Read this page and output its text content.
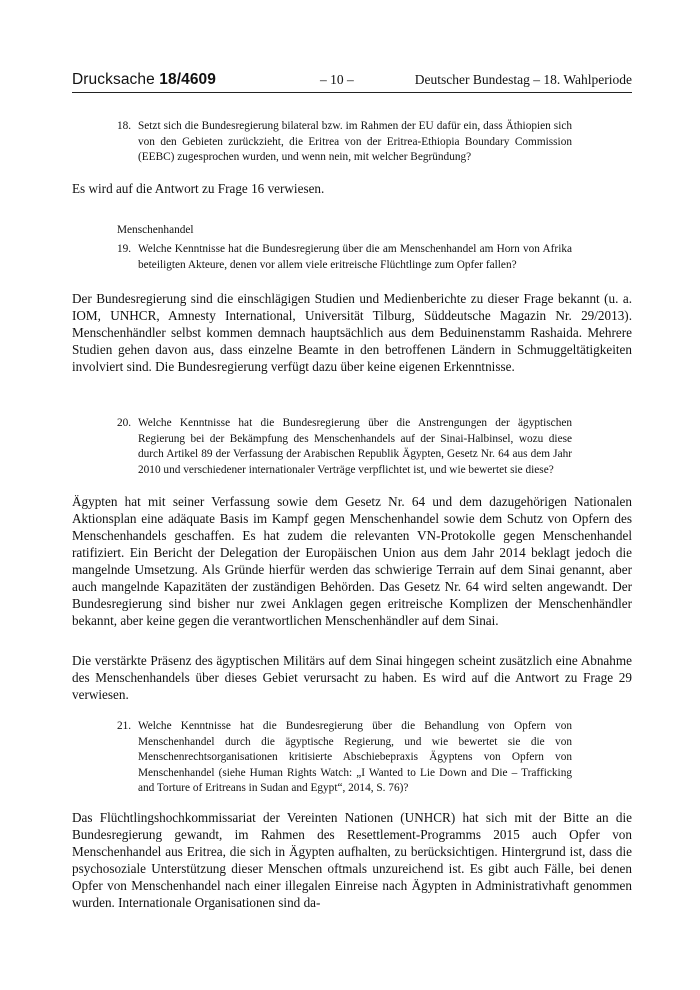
Drucksache 18/4609	– 10 –	Deutscher Bundestag – 18. Wahlperiode
18. Setzt sich die Bundesregierung bilateral bzw. im Rahmen der EU dafür ein, dass Äthiopien sich von den Gebieten zurückzieht, die Eritrea von der Eritrea-Ethiopia Boundary Commission (EEBC) zugesprochen wurden, und wenn nein, mit welcher Begründung?

Es wird auf die Antwort zu Frage 16 verwiesen.

Menschenhandel
19. Welche Kenntnisse hat die Bundesregierung über die am Menschenhandel am Horn von Afrika beteiligten Akteure, denen vor allem viele eritreische Flüchtlinge zum Opfer fallen?

Der Bundesregierung sind die einschlägigen Studien und Medienberichte zu dieser Frage bekannt (u. a. IOM, UNHCR, Amnesty International, Universität Tilburg, Süddeutsche Magazin Nr. 29/2013). Menschenhändler selbst kommen demnach hauptsächlich aus dem Beduinenstamm Rashaida. Mehrere Studien gehen davon aus, dass einzelne Beamte in den betroffenen Ländern in Schmuggeltätigkeiten involviert sind. Die Bundesregierung verfügt dazu über keine eigenen Erkenntnisse.

20. Welche Kenntnisse hat die Bundesregierung über die Anstrengungen der ägyptischen Regierung bei der Bekämpfung des Menschenhandels auf der Sinai-Halbinsel, wozu diese durch Artikel 89 der Verfassung der Arabischen Republik Ägypten, Gesetz Nr. 64 aus dem Jahr 2010 und verschiedener internationaler Verträge verpflichtet ist, und wie bewertet sie diese?

Ägypten hat mit seiner Verfassung sowie dem Gesetz Nr. 64 und dem dazugehörigen Nationalen Aktionsplan eine adäquate Basis im Kampf gegen Menschenhandel sowie dem Schutz von Opfern des Menschenhandels geschaffen. Es hat zudem die relevanten VN-Protokolle gegen Menschenhandel ratifiziert. Ein Bericht der Delegation der Europäischen Union aus dem Jahr 2014 beklagt jedoch die mangelnde Umsetzung. Als Gründe hierfür werden das schwierige Terrain auf dem Sinai genannt, aber auch mangelnde Kapazitäten der zuständigen Behörden. Das Gesetz Nr. 64 wird selten angewandt. Der Bundesregierung sind bisher nur zwei Anklagen gegen eritreische Komplizen der Menschenhändler bekannt, aber keine gegen die verantwortlichen Menschenhändler auf dem Sinai.

Die verstärkte Präsenz des ägyptischen Militärs auf dem Sinai hingegen scheint zusätzlich eine Abnahme des Menschenhandels über dieses Gebiet verursacht zu haben. Es wird auf die Antwort zu Frage 29 verwiesen.

21. Welche Kenntnisse hat die Bundesregierung über die Behandlung von Opfern von Menschenhandel durch die ägyptische Regierung, und wie bewertet sie die von Menschenrechtsorganisationen kritisierte Abschiebepraxis Ägyptens von Opfern von Menschenhandel (siehe Human Rights Watch: „I Wanted to Lie Down and Die – Trafficking and Torture of Eritreans in Sudan and Egypt“, 2014, S. 76)?

Das Flüchtlingshochkommissariat der Vereinten Nationen (UNHCR) hat sich mit der Bitte an die Bundesregierung gewandt, im Rahmen des Resettlement-Programms 2015 auch Opfer von Menschenhandel aus Eritrea, die sich in Ägypten aufhalten, zu berücksichtigen. Hintergrund ist, dass die psychosoziale Unterstützung dieser Menschen oftmals unzureichend ist. Es gibt auch Fälle, bei denen Opfer von Menschenhandel nach einer illegalen Einreise nach Ägypten in Administrativhaft genommen wurden. Internationale Organisationen sind da-
